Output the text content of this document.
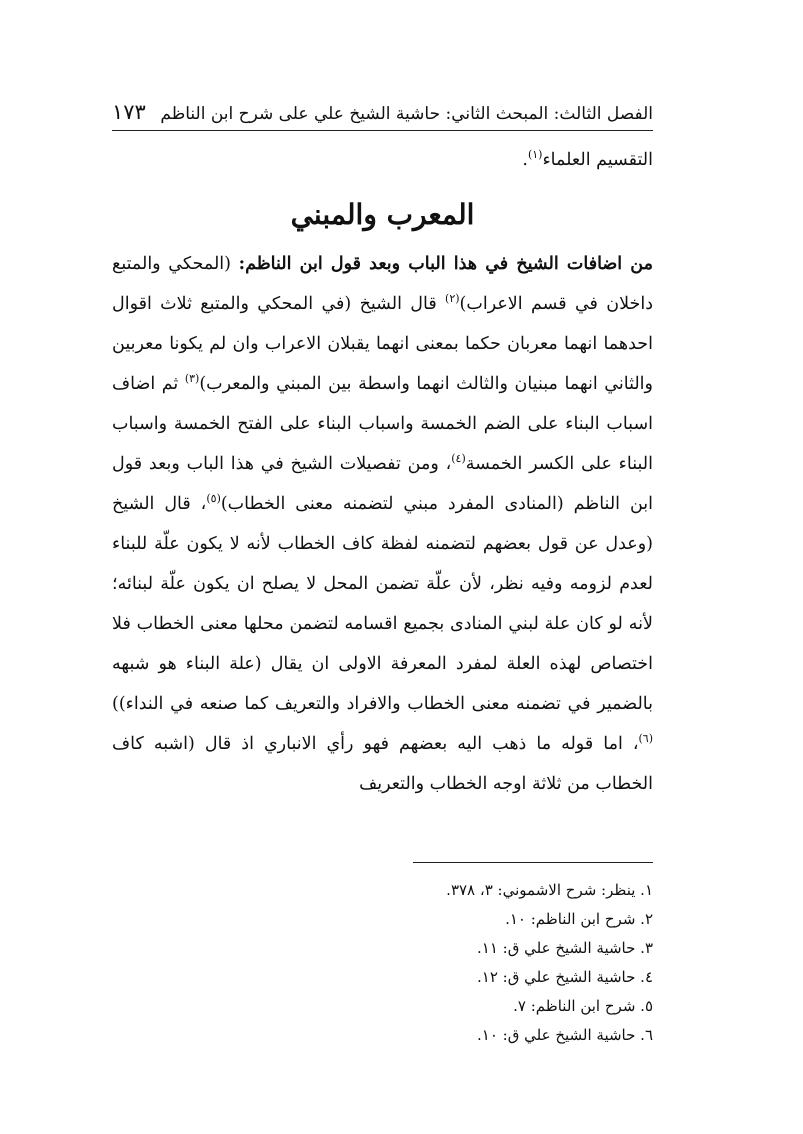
الفصل الثالث: المبحث الثاني: حاشية الشيخ علي على شرح ابن الناظم
١٧٣

التقسيم العلماء$^{(١)}$.

المعرب والمبني

من اضافات الشيخ في هذا الباب وبعد قول ابن الناظم: (المحكي والمتبع داخلان في قسم الاعراب)$^{(٢)}$ قال الشيخ (في المحكي والمتبع ثلاث اقوال احدهما انهما معربان حكما بمعنى انهما يقبلان الاعراب وان لم يكونا معربين والثاني انهما مبنيان والثالث انهما واسطة بين المبني والمعرب)$^{(٣)}$ ثم اضاف اسباب البناء على الضم الخمسة واسباب البناء على الفتح الخمسة واسباب البناء على الكسر الخمسة$^{(٤)}$، ومن تفصيلات الشيخ في هذا الباب وبعد قول ابن الناظم (المنادى المفرد مبني لتضمنه معنى الخطاب)$^{(٥)}$، قال الشيخ (وعدل عن قول بعضهم لتضمنه لفظة كاف الخطاب لأنه لا يكون علّة للبناء لعدم لزومه وفيه نظر، لأن علّة تضمن المحل لا يصلح ان يكون علّة لبنائه؛ لأنه لو كان علة لبني المنادى بجميع اقسامه لتضمن محلها معنى الخطاب فلا اختصاص لهذه العلة لمفرد المعرفة الاولى ان يقال (علة البناء هو شبهه بالضمير في تضمنه معنى الخطاب والافراد والتعريف كما صنعه في النداء))$^{(٦)}$، اما قوله ما ذهب اليه بعضهم فهو رأي الانباري اذ قال (اشبه كاف الخطاب من ثلاثة اوجه الخطاب والتعريف

١. ينظر: شرح الاشموني: ٣، ٣٧٨.
٢. شرح ابن الناظم: ١٠.
٣. حاشية الشيخ علي ق: ١١.
٤. حاشية الشيخ علي ق: ١٢.
٥. شرح ابن الناظم: ٧.
٦. حاشية الشيخ علي ق: ١٠.
